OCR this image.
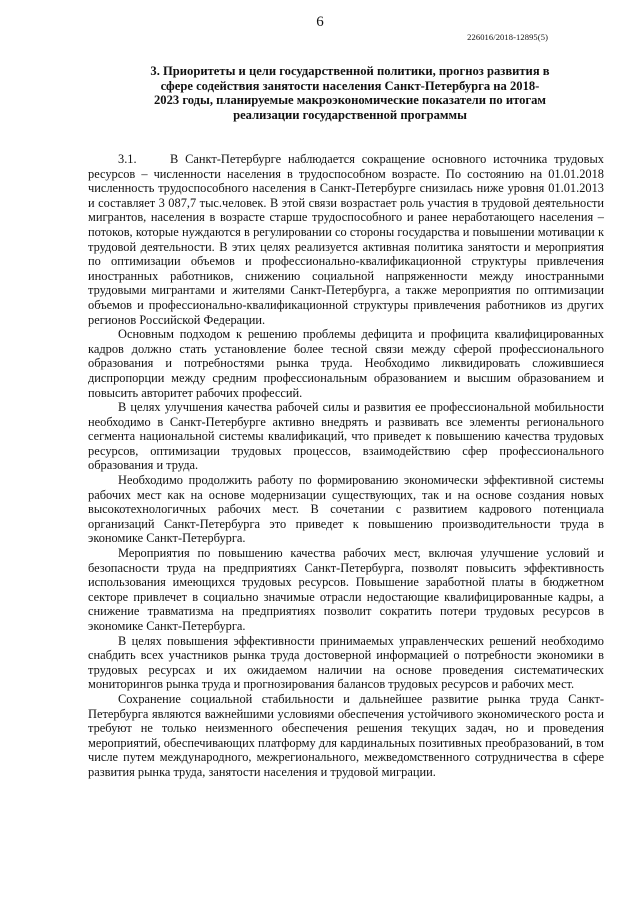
6
226016/2018-12895(5)
3. Приоритеты и цели государственной политики, прогноз развития в сфере содействия занятости населения Санкт-Петербурга на 2018-2023 годы, планируемые макроэкономические показатели по итогам реализации государственной программы

3.1.	В Санкт-Петербурге наблюдается сокращение основного источника трудовых ресурсов – численности населения в трудоспособном возрасте. По состоянию на 01.01.2018 численность трудоспособного населения в Санкт-Петербурге снизилась ниже уровня 01.01.2013 и составляет 3 087,7 тыс.человек. В этой связи возрастает роль участия в трудовой деятельности мигрантов, населения в возрасте старше трудоспособного и ранее неработающего населения – потоков, которые нуждаются в регулировании со стороны государства и повышении мотивации к трудовой деятельности. В этих целях реализуется активная политика занятости и мероприятия по оптимизации объемов и профессионально-квалификационной структуры привлечения иностранных работников, снижению социальной напряженности между иностранными трудовыми мигрантами и жителями Санкт-Петербурга, а также мероприятия по оптимизации объемов и профессионально-квалификационной структуры привлечения работников из других регионов Российской Федерации.

Основным подходом к решению проблемы дефицита и профицита квалифицированных кадров должно стать установление более тесной связи между сферой профессионального образования и потребностями рынка труда. Необходимо ликвидировать сложившиеся диспропорции между средним профессиональным образованием и высшим образованием и повысить авторитет рабочих профессий.

В целях улучшения качества рабочей силы и развития ее профессиональной мобильности необходимо в Санкт-Петербурге активно внедрять и развивать все элементы регионального сегмента национальной системы квалификаций, что приведет к повышению качества трудовых ресурсов, оптимизации трудовых процессов, взаимодействию сфер профессионального образования и труда.

Необходимо продолжить работу по формированию экономически эффективной системы рабочих мест как на основе модернизации существующих, так и на основе создания новых высокотехнологичных рабочих мест. В сочетании с развитием кадрового потенциала организаций Санкт-Петербурга это приведет к повышению производительности труда в экономике Санкт-Петербурга.

Мероприятия по повышению качества рабочих мест, включая улучшение условий и безопасности труда на предприятиях Санкт-Петербурга, позволят повысить эффективность использования имеющихся трудовых ресурсов. Повышение заработной платы в бюджетном секторе привлечет в социально значимые отрасли недостающие квалифицированные кадры, а снижение травматизма на предприятиях позволит сократить потери трудовых ресурсов в экономике Санкт-Петербурга.

В целях повышения эффективности принимаемых управленческих решений необходимо снабдить всех участников рынка труда достоверной информацией о потребности экономики в трудовых ресурсах и их ожидаемом наличии на основе проведения систематических мониторингов рынка труда и прогнозирования балансов трудовых ресурсов и рабочих мест.

Сохранение социальной стабильности и дальнейшее развитие рынка труда Санкт-Петербурга являются важнейшими условиями обеспечения устойчивого экономического роста и требуют не только неизменного обеспечения решения текущих задач, но и проведения мероприятий, обеспечивающих платформу для кардинальных позитивных преобразований, в том числе путем международного, межрегионального, межведомственного сотрудничества в сфере развития рынка труда, занятости населения и трудовой миграции.
